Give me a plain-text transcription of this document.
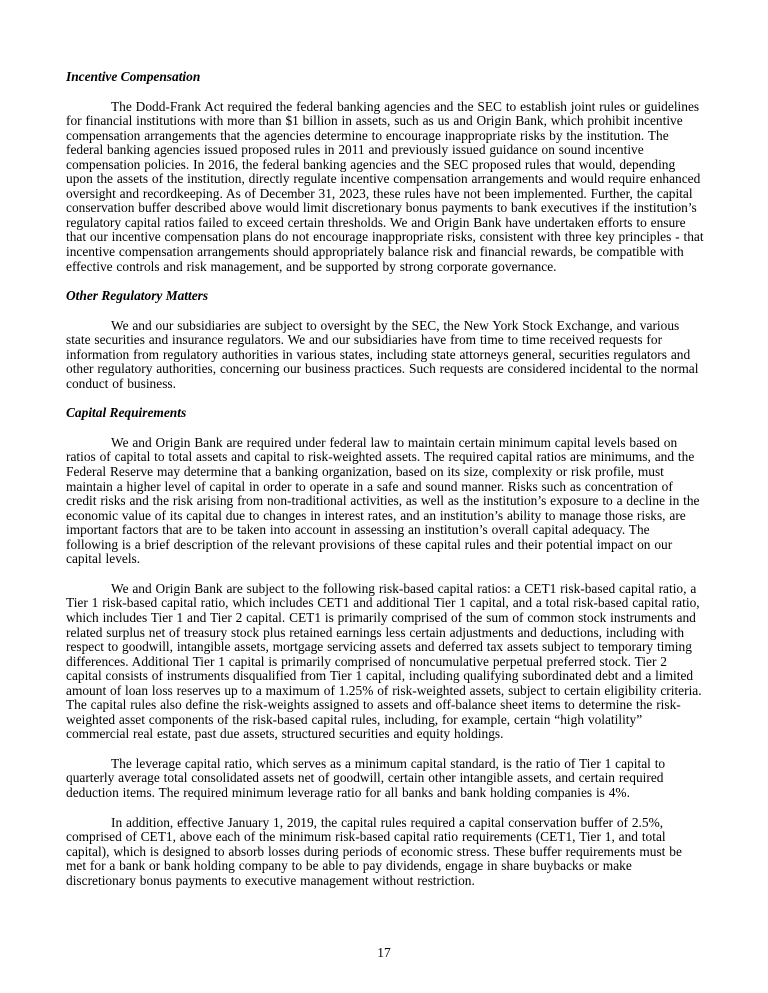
Incentive Compensation

The Dodd-Frank Act required the federal banking agencies and the SEC to establish joint rules or guidelines for financial institutions with more than $1 billion in assets, such as us and Origin Bank, which prohibit incentive compensation arrangements that the agencies determine to encourage inappropriate risks by the institution. The federal banking agencies issued proposed rules in 2011 and previously issued guidance on sound incentive compensation policies. In 2016, the federal banking agencies and the SEC proposed rules that would, depending upon the assets of the institution, directly regulate incentive compensation arrangements and would require enhanced oversight and recordkeeping. As of December 31, 2023, these rules have not been implemented. Further, the capital conservation buffer described above would limit discretionary bonus payments to bank executives if the institution’s regulatory capital ratios failed to exceed certain thresholds. We and Origin Bank have undertaken efforts to ensure that our incentive compensation plans do not encourage inappropriate risks, consistent with three key principles - that incentive compensation arrangements should appropriately balance risk and financial rewards, be compatible with effective controls and risk management, and be supported by strong corporate governance.

Other Regulatory Matters

We and our subsidiaries are subject to oversight by the SEC, the New York Stock Exchange, and various state securities and insurance regulators. We and our subsidiaries have from time to time received requests for information from regulatory authorities in various states, including state attorneys general, securities regulators and other regulatory authorities, concerning our business practices. Such requests are considered incidental to the normal conduct of business.

Capital Requirements

We and Origin Bank are required under federal law to maintain certain minimum capital levels based on ratios of capital to total assets and capital to risk-weighted assets. The required capital ratios are minimums, and the Federal Reserve may determine that a banking organization, based on its size, complexity or risk profile, must maintain a higher level of capital in order to operate in a safe and sound manner. Risks such as concentration of credit risks and the risk arising from non-traditional activities, as well as the institution’s exposure to a decline in the economic value of its capital due to changes in interest rates, and an institution’s ability to manage those risks, are important factors that are to be taken into account in assessing an institution’s overall capital adequacy. The following is a brief description of the relevant provisions of these capital rules and their potential impact on our capital levels.

We and Origin Bank are subject to the following risk-based capital ratios: a CET1 risk-based capital ratio, a Tier 1 risk-based capital ratio, which includes CET1 and additional Tier 1 capital, and a total risk-based capital ratio, which includes Tier 1 and Tier 2 capital. CET1 is primarily comprised of the sum of common stock instruments and related surplus net of treasury stock plus retained earnings less certain adjustments and deductions, including with respect to goodwill, intangible assets, mortgage servicing assets and deferred tax assets subject to temporary timing differences. Additional Tier 1 capital is primarily comprised of noncumulative perpetual preferred stock. Tier 2 capital consists of instruments disqualified from Tier 1 capital, including qualifying subordinated debt and a limited amount of loan loss reserves up to a maximum of 1.25% of risk-weighted assets, subject to certain eligibility criteria. The capital rules also define the risk-weights assigned to assets and off-balance sheet items to determine the risk-weighted asset components of the risk-based capital rules, including, for example, certain “high volatility” commercial real estate, past due assets, structured securities and equity holdings.

The leverage capital ratio, which serves as a minimum capital standard, is the ratio of Tier 1 capital to quarterly average total consolidated assets net of goodwill, certain other intangible assets, and certain required deduction items. The required minimum leverage ratio for all banks and bank holding companies is 4%.

In addition, effective January 1, 2019, the capital rules required a capital conservation buffer of 2.5%, comprised of CET1, above each of the minimum risk-based capital ratio requirements (CET1, Tier 1, and total capital), which is designed to absorb losses during periods of economic stress. These buffer requirements must be met for a bank or bank holding company to be able to pay dividends, engage in share buybacks or make discretionary bonus payments to executive management without restriction.

17
